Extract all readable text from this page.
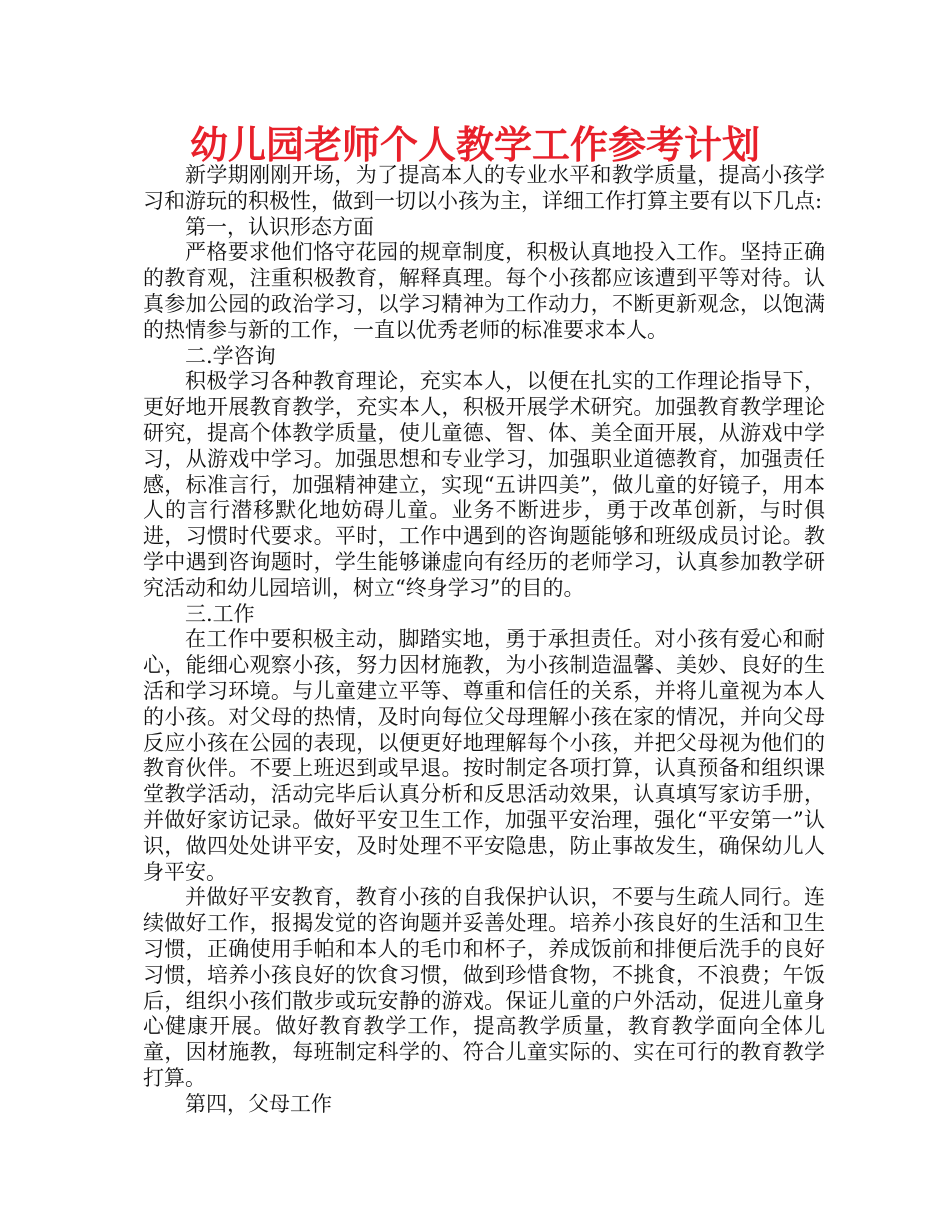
幼儿园老师个人教学工作参考计划

新学期刚刚开场，为了提高本人的专业水平和教学质量，提高小孩学习和游玩的积极性，做到一切以小孩为主，详细工作打算主要有以下几点:

第一，认识形态方面

严格要求他们恪守花园的规章制度，积极认真地投入工作。坚持正确的教育观，注重积极教育，解释真理。每个小孩都应该遭到平等对待。认真参加公园的政治学习，以学习精神为工作动力，不断更新观念，以饱满的热情参与新的工作，一直以优秀老师的标准要求本人。

二.学咨询

积极学习各种教育理论，充实本人，以便在扎实的工作理论指导下，更好地开展教育教学，充实本人，积极开展学术研究。加强教育教学理论研究，提高个体教学质量，使儿童德、智、体、美全面开展，从游戏中学习，从游戏中学习。加强思想和专业学习，加强职业道德教育，加强责任感，标准言行，加强精神建立，实现“五讲四美”，做儿童的好镜子，用本人的言行潜移默化地妨碍儿童。业务不断进步，勇于改革创新，与时俱进，习惯时代要求。平时，工作中遇到的咨询题能够和班级成员讨论。教学中遇到咨询题时，学生能够谦虚向有经历的老师学习，认真参加教学研究活动和幼儿园培训，树立“终身学习”的目的。

三.工作

在工作中要积极主动，脚踏实地，勇于承担责任。对小孩有爱心和耐心，能细心观察小孩，努力因材施教，为小孩制造温馨、美妙、良好的生活和学习环境。与儿童建立平等、尊重和信任的关系，并将儿童视为本人的小孩。对父母的热情，及时向每位父母理解小孩在家的情况，并向父母反应小孩在公园的表现，以便更好地理解每个小孩，并把父母视为他们的教育伙伴。不要上班迟到或早退。按时制定各项打算，认真预备和组织课堂教学活动，活动完毕后认真分析和反思活动效果，认真填写家访手册，并做好家访记录。做好平安卫生工作，加强平安治理，强化“平安第一”认识，做四处处讲平安，及时处理不平安隐患，防止事故发生，确保幼儿人身平安。

并做好平安教育，教育小孩的自我保护认识，不要与生疏人同行。连续做好工作，报揭发觉的咨询题并妥善处理。培养小孩良好的生活和卫生习惯，正确使用手帕和本人的毛巾和杯子，养成饭前和排便后洗手的良好习惯，培养小孩良好的饮食习惯，做到珍惜食物，不挑食，不浪费；午饭后，组织小孩们散步或玩安静的游戏。保证儿童的户外活动，促进儿童身心健康开展。做好教育教学工作，提高教学质量，教育教学面向全体儿童，因材施教，每班制定科学的、符合儿童实际的、实在可行的教育教学打算。

第四，父母工作
